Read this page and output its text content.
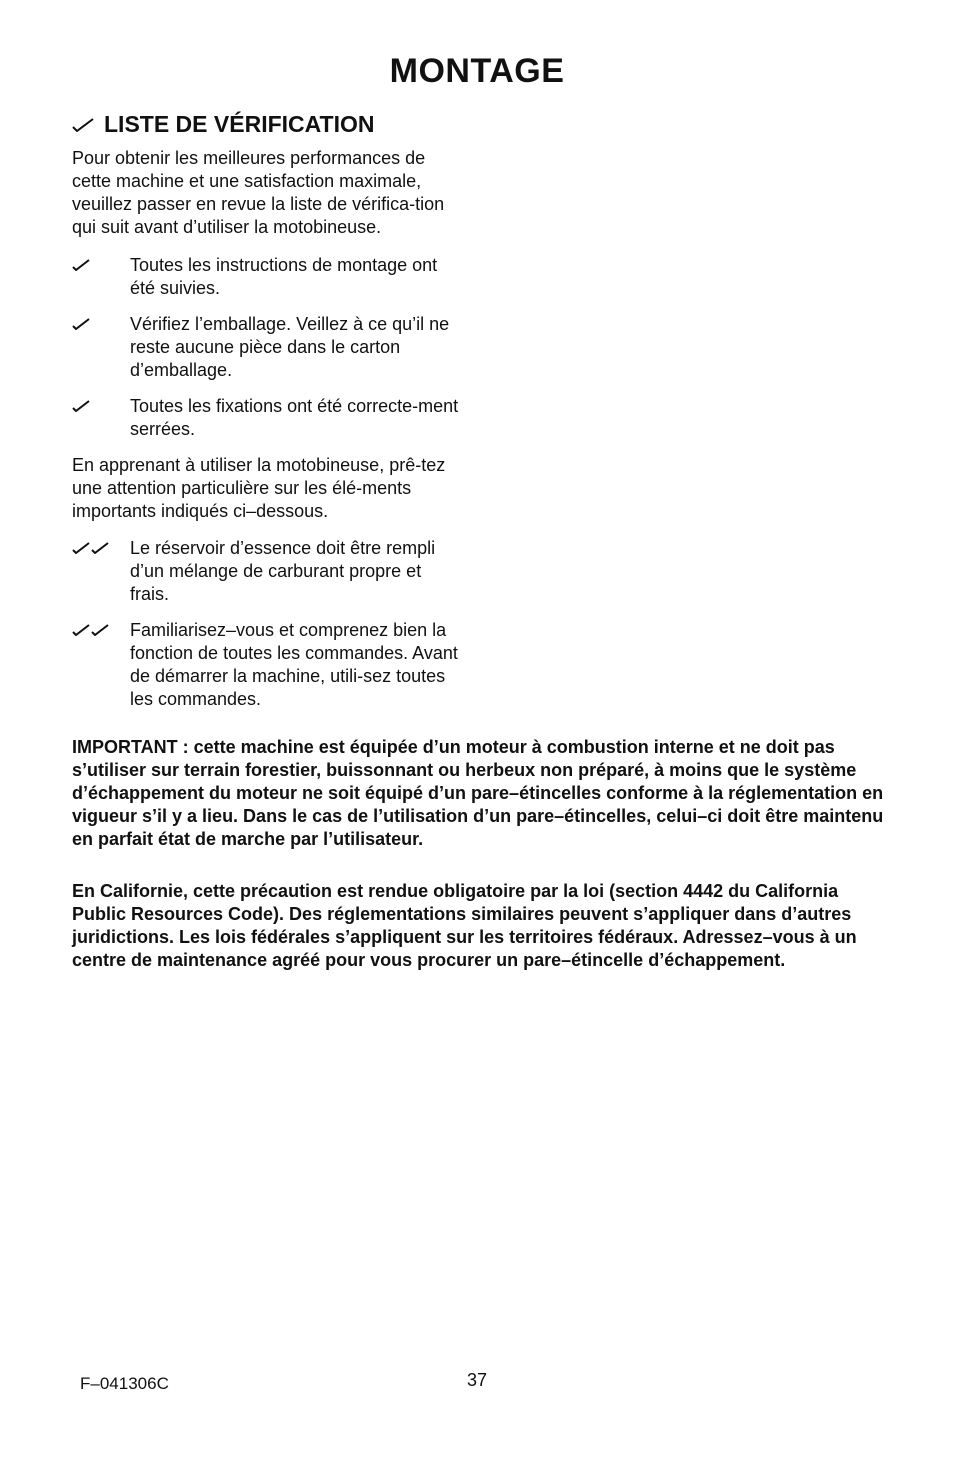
MONTAGE
LISTE DE VÉRIFICATION

Pour obtenir les meilleures performances de cette machine et une satisfaction maximale, veuillez passer en revue la liste de vérifica-tion qui suit avant d’utiliser la motobineuse.

Toutes les instructions de montage ont été suivies.
Vérifiez l’emballage. Veillez à ce qu’il ne reste aucune pièce dans le carton d’emballage.
Toutes les fixations ont été correcte-ment serrées.

En apprenant à utiliser la motobineuse, prê-tez une attention particulière sur les élé-ments importants indiqués ci–dessous.

Le réservoir d’essence doit être rempli d’un mélange de carburant propre et frais.
Familiarisez–vous et comprenez bien la fonction de toutes les commandes. Avant de démarrer la machine, utili-sez toutes les commandes.
IMPORTANT : cette machine est équipée d’un moteur à combustion interne et ne doit pas s’utiliser sur terrain forestier, buissonnant ou herbeux non préparé, à moins que le système d’échappement du moteur ne soit équipé d’un pare–étincelles conforme à la réglementation en vigueur s’il y a lieu. Dans le cas de l’utilisation d’un pare–étincelles, celui–ci doit être maintenu en parfait état de marche par l’utilisateur.
En Californie, cette précaution est rendue obligatoire par la loi (section 4442 du California Public Resources Code). Des réglementations similaires peuvent s’appliquer dans d’autres juridictions. Les lois fédérales s’appliquent sur les territoires fédéraux. Adressez–vous à un centre de maintenance agréé pour vous procurer un pare–étincelle d’échappement.
F–041306C	37
